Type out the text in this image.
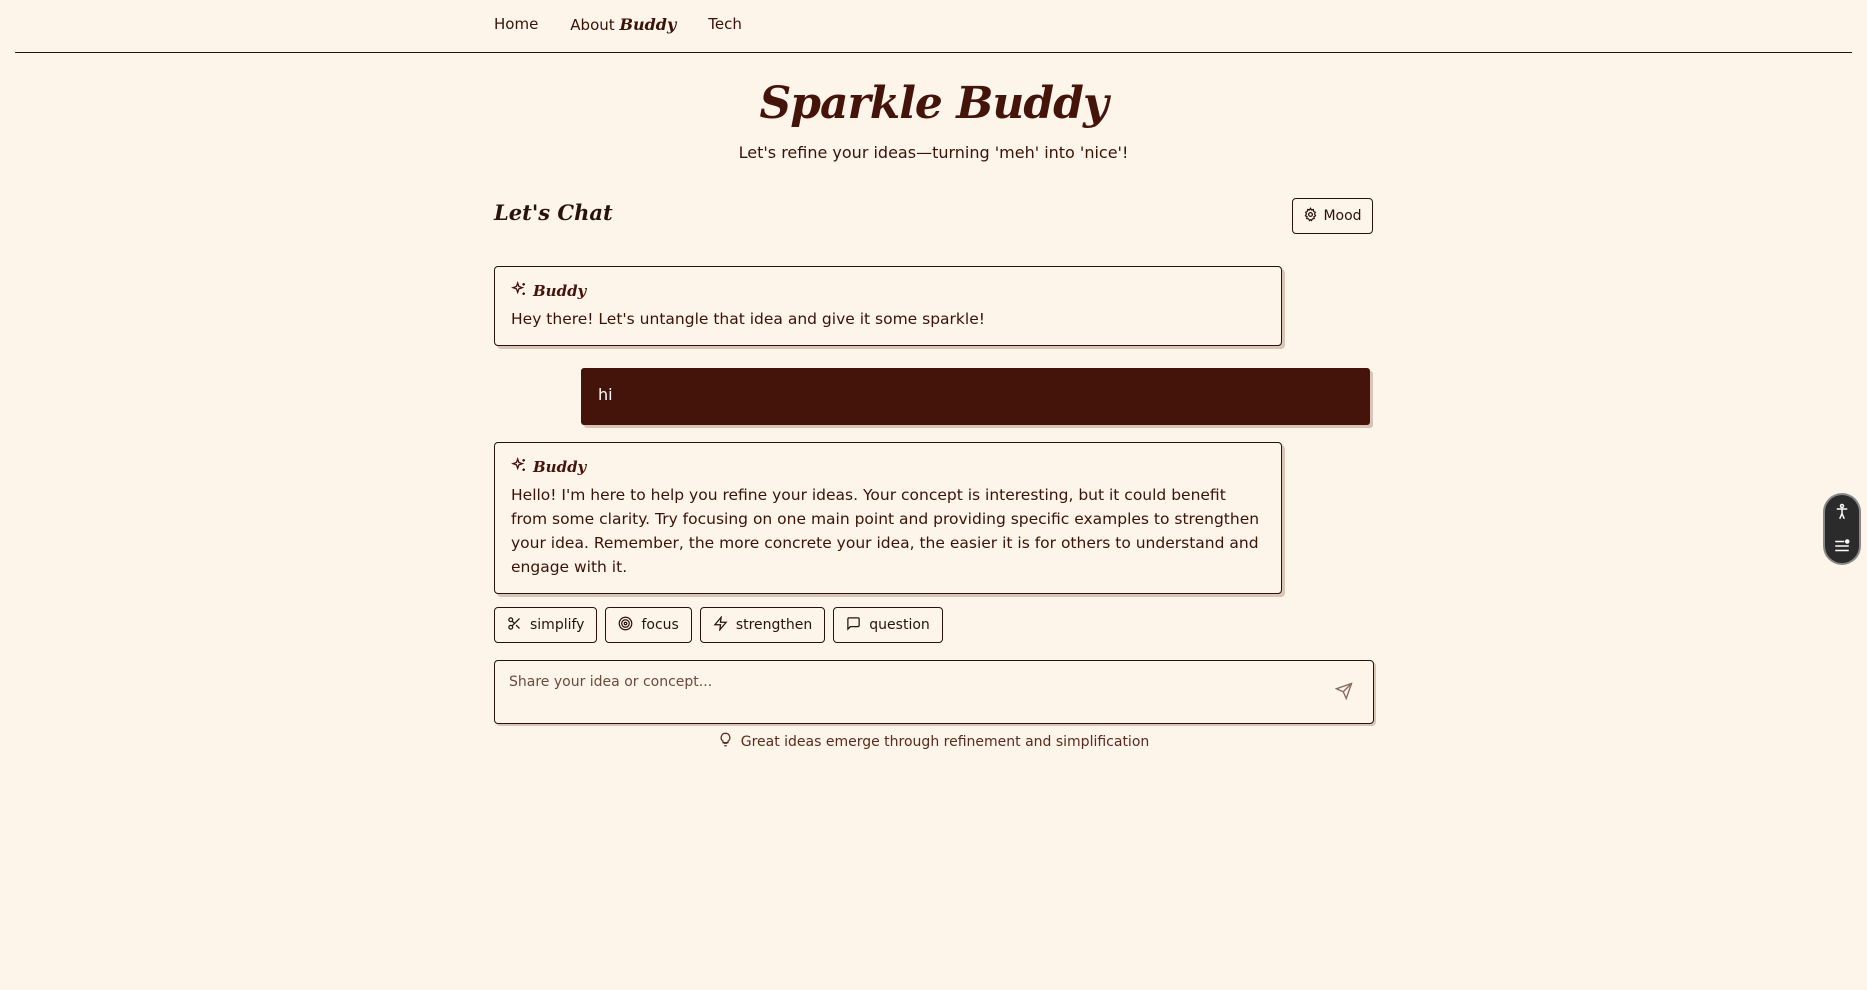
Home About Buddy Tech
Sparkle Buddy
Let's refine your ideas—turning 'meh' into 'nice'!
Let's Chat	Mood
Buddy
Hey there! Let's untangle that idea and give it some sparkle!
hi
Buddy
Hello! I'm here to help you refine your ideas. Your concept is interesting, but it could benefit from some clarity. Try focusing on one main point and providing specific examples to strengthen your idea. Remember, the more concrete your idea, the easier it is for others to understand and engage with it.
simplify	focus	strengthen	question
Share your idea or concept...
Great ideas emerge through refinement and simplification
